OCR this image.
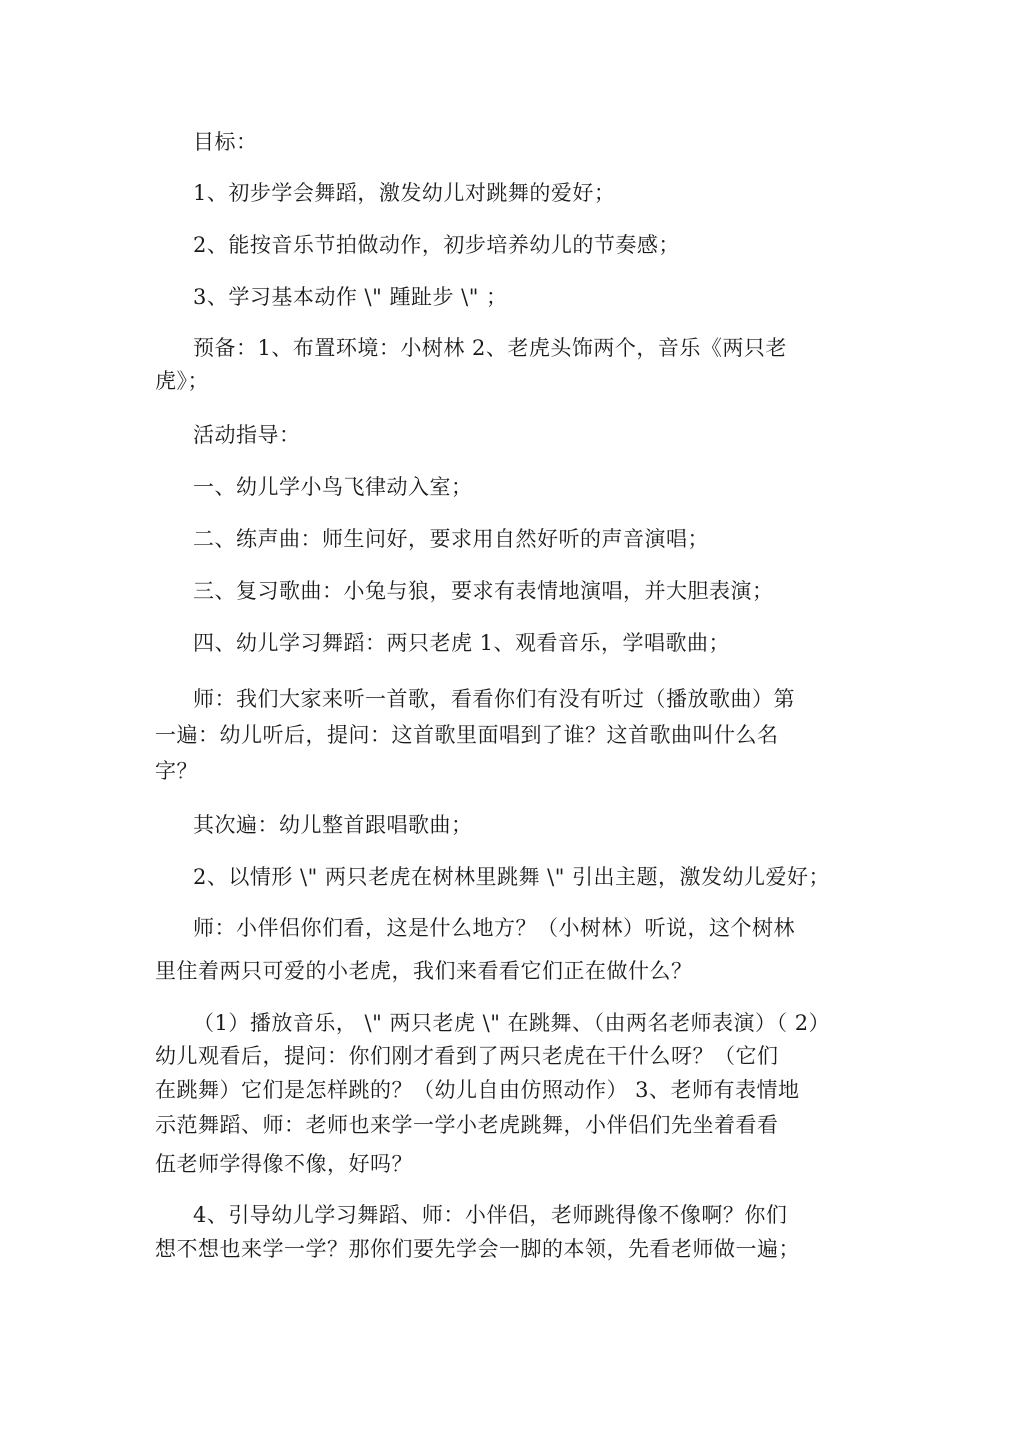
目标：

1、初步学会舞蹈，激发幼儿对跳舞的爱好；

2、能按音乐节拍做动作，初步培养幼儿的节奏感；

3、学习基本动作 \" 踵趾步 \" ；

预备：1、布置环境：小树林 2、老虎头饰两个，音乐《两只老

虎》；

活动指导：

一、幼儿学小鸟飞律动入室；

二、练声曲：师生问好，要求用自然好听的声音演唱；

三、复习歌曲：小兔与狼，要求有表情地演唱，并大胆表演；

四、幼儿学习舞蹈：两只老虎 1、观看音乐，学唱歌曲；

师：我们大家来听一首歌，看看你们有没有听过（播放歌曲）第

一遍：幼儿听后，提问：这首歌里面唱到了谁？这首歌曲叫什么名

字？

其次遍：幼儿整首跟唱歌曲；

2、以情形 \" 两只老虎在树林里跳舞 \" 引出主题，激发幼儿爱好；

师：小伴侣你们看，这是什么地方？（小树林）听说，这个树林

里住着两只可爱的小老虎，我们来看看它们正在做什么？

（1）播放音乐， \" 两只老虎 \" 在跳舞、（由两名老师表演）（ 2）

幼儿观看后，提问：你们刚才看到了两只老虎在干什么呀？（它们

在跳舞）它们是怎样跳的？（幼儿自由仿照动作） 3、老师有表情地

示范舞蹈、师：老师也来学一学小老虎跳舞，小伴侣们先坐着看看

伍老师学得像不像，好吗？

4、引导幼儿学习舞蹈、师：小伴侣，老师跳得像不像啊？你们

想不想也来学一学？那你们要先学会一脚的本领，先看老师做一遍；
